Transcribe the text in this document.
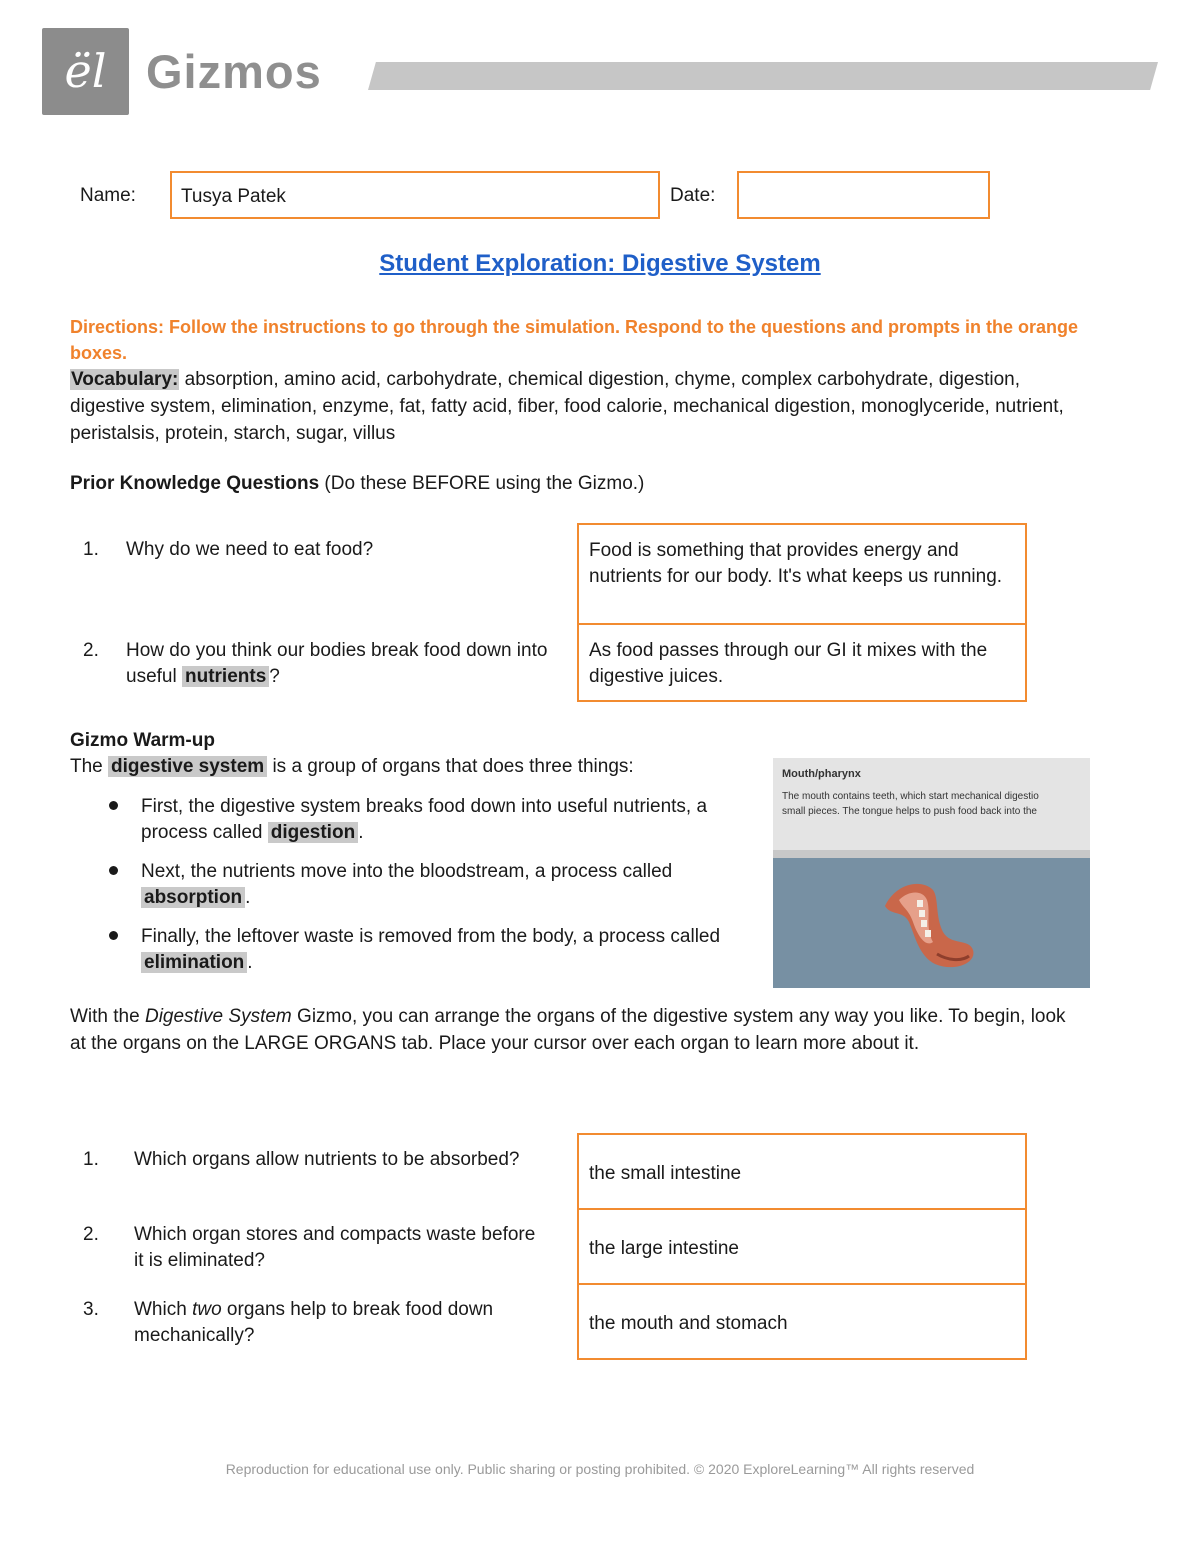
ël Gizmos
Name:	Tusya Patek	Date:
Student Exploration: Digestive System
Directions: Follow the instructions to go through the simulation. Respond to the questions and prompts in the orange boxes.
Vocabulary: absorption, amino acid, carbohydrate, chemical digestion, chyme, complex carbohydrate, digestion, digestive system, elimination, enzyme, fat, fatty acid, fiber, food calorie, mechanical digestion, monoglyceride, nutrient, peristalsis, protein, starch, sugar, villus
Prior Knowledge Questions (Do these BEFORE using the Gizmo.)
1. Why do we need to eat food?
2. How do you think our bodies break food down into useful nutrients ?
Food is something that provides energy and nutrients for our body. It's what keeps us running.
As food passes through our GI it mixes with the digestive juices.
Gizmo Warm-up
The digestive system is a group of organs that does three things:
First, the digestive system breaks food down into useful nutrients, a process called digestion .
Next, the nutrients move into the bloodstream, a process called absorption .
Finally, the leftover waste is removed from the body, a process called elimination .
Mouth/pharynx
The mouth contains teeth, which start mechanical digestio
small pieces. The tongue helps to push food back into the
With the Digestive System Gizmo, you can arrange the organs of the digestive system any way you like. To begin, look at the organs on the LARGE ORGANS tab. Place your cursor over each organ to learn more about it.
1. Which organs allow nutrients to be absorbed?
2. Which organ stores and compacts waste before it is eliminated?
3. Which two organs help to break food down mechanically?
the small intestine
the large intestine
the mouth and stomach
Reproduction for educational use only. Public sharing or posting prohibited. © 2020 ExploreLearning™ All rights reserved
